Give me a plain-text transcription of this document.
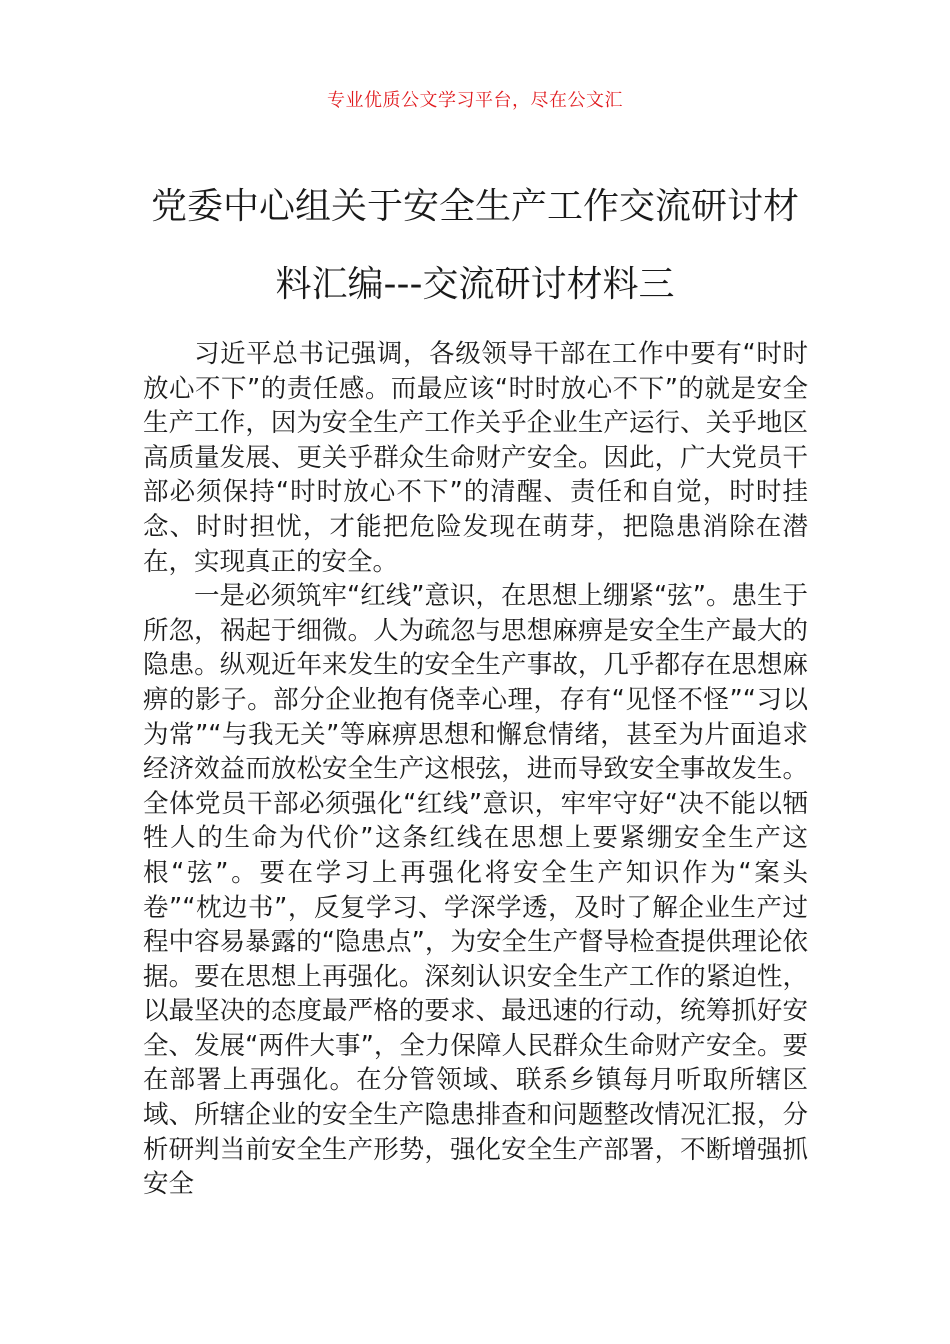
专业优质公文学习平台，尽在公文汇
党委中心组关于安全生产工作交流研讨材料汇编---交流研讨材料三

习近平总书记强调，各级领导干部在工作中要有“时时放心不下”的责任感。而最应该“时时放心不下”的就是安全生产工作，因为安全生产工作关乎企业生产运行、关乎地区高质量发展、更关乎群众生命财产安全。因此，广大党员干部必须保持“时时放心不下”的清醒、责任和自觉，时时挂念、时时担忧，才能把危险发现在萌芽，把隐患消除在潜在，实现真正的安全。

一是必须筑牢“红线”意识，在思想上绷紧“弦”。患生于所忽，祸起于细微。人为疏忽与思想麻痹是安全生产最大的隐患。纵观近年来发生的安全生产事故，几乎都存在思想麻痹的影子。部分企业抱有侥幸心理，存有“见怪不怪”“习以为常”“与我无关”等麻痹思想和懈怠情绪，甚至为片面追求经济效益而放松安全生产这根弦，进而导致安全事故发生。全体党员干部必须强化“红线”意识，牢牢守好“决不能以牺牲人的生命为代价”这条红线在思想上要紧绷安全生产这根“弦”。要在学习上再强化将安全生产知识作为“案头卷”“枕边书”，反复学习、学深学透，及时了解企业生产过程中容易暴露的“隐患点”，为安全生产督导检查提供理论依据。要在思想上再强化。深刻认识安全生产工作的紧迫性，以最坚决的态度最严格的要求、最迅速的行动，统筹抓好安全、发展“两件大事”，全力保障人民群众生命财产安全。要在部署上再强化。在分管领域、联系乡镇每月听取所辖区域、所辖企业的安全生产隐患排查和问题整改情况汇报，分析研判当前安全生产形势，强化安全生产部署，不断增强抓安全
